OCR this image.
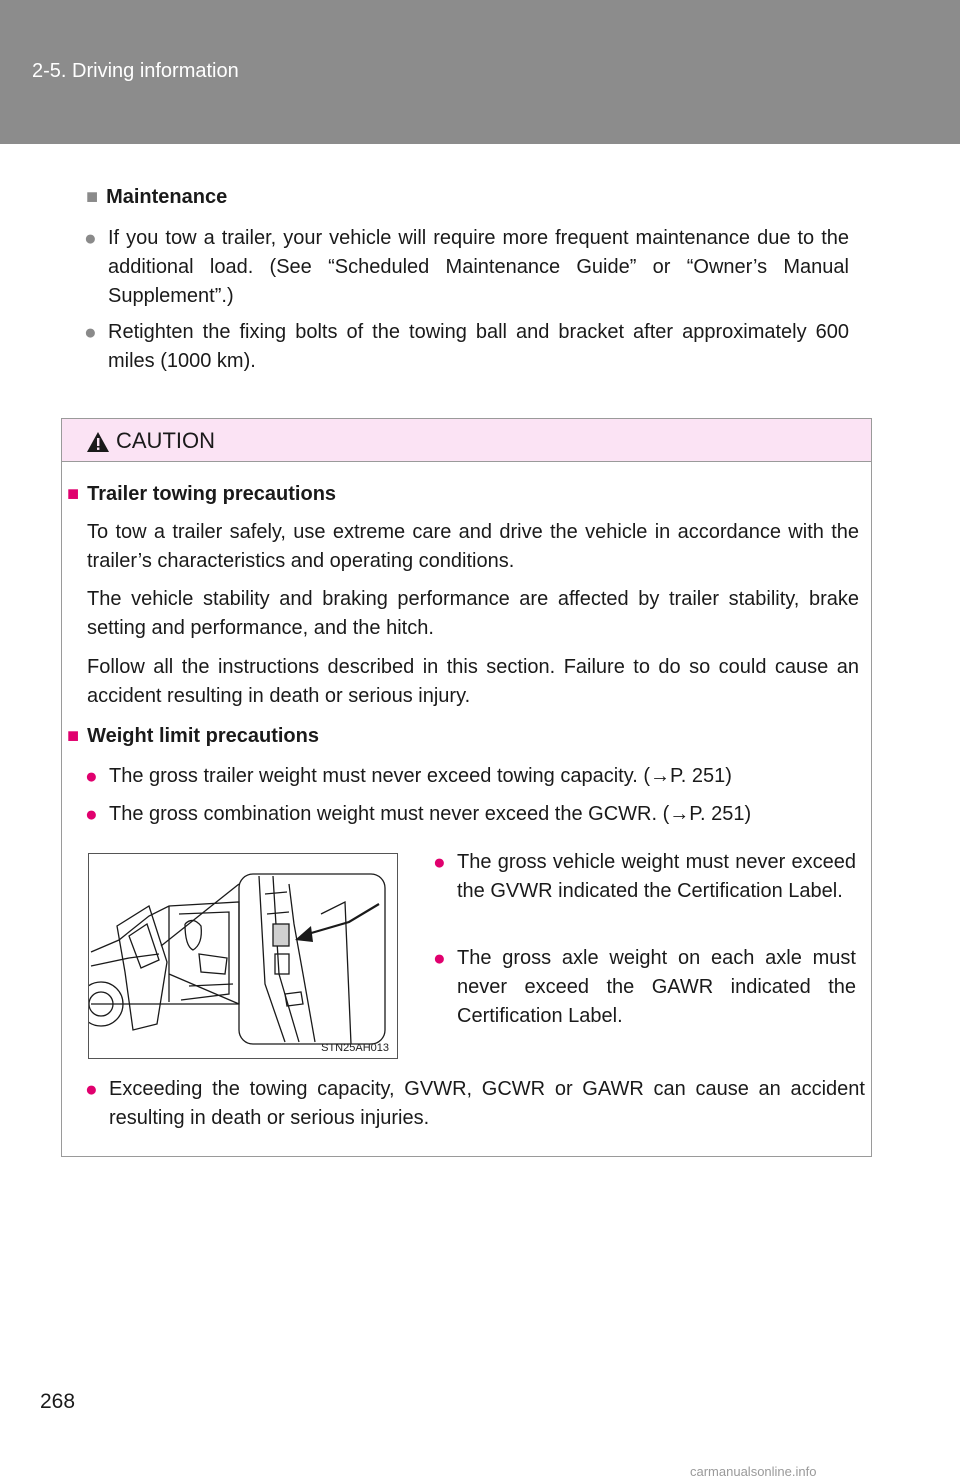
2-5. Driving information
■ Maintenance
● If you tow a trailer, your vehicle will require more frequent maintenance due to the additional load. (See “Scheduled Maintenance Guide” or “Owner’s Manual Supplement”.)
● Retighten the fixing bolts of the towing ball and bracket after approximately 600 miles (1000 km).
CAUTION
■ Trailer towing precautions
To tow a trailer safely, use extreme care and drive the vehicle in accordance with the trailer’s characteristics and operating conditions.
The vehicle stability and braking performance are affected by trailer stability, brake setting and performance, and the hitch.
Follow all the instructions described in this section. Failure to do so could cause an accident resulting in death or serious injury.
■ Weight limit precautions
● The gross trailer weight must never exceed towing capacity. (→P. 251)
● The gross combination weight must never exceed the GCWR. (→P. 251)
● The gross vehicle weight must never exceed the GVWR indicated the Certification Label.
● The gross axle weight on each axle must never exceed the GAWR indicated the Certification Label.
● Exceeding the towing capacity, GVWR, GCWR or GAWR can cause an accident resulting in death or serious injuries.
STN25AH013
268
carmanualsonline.info
